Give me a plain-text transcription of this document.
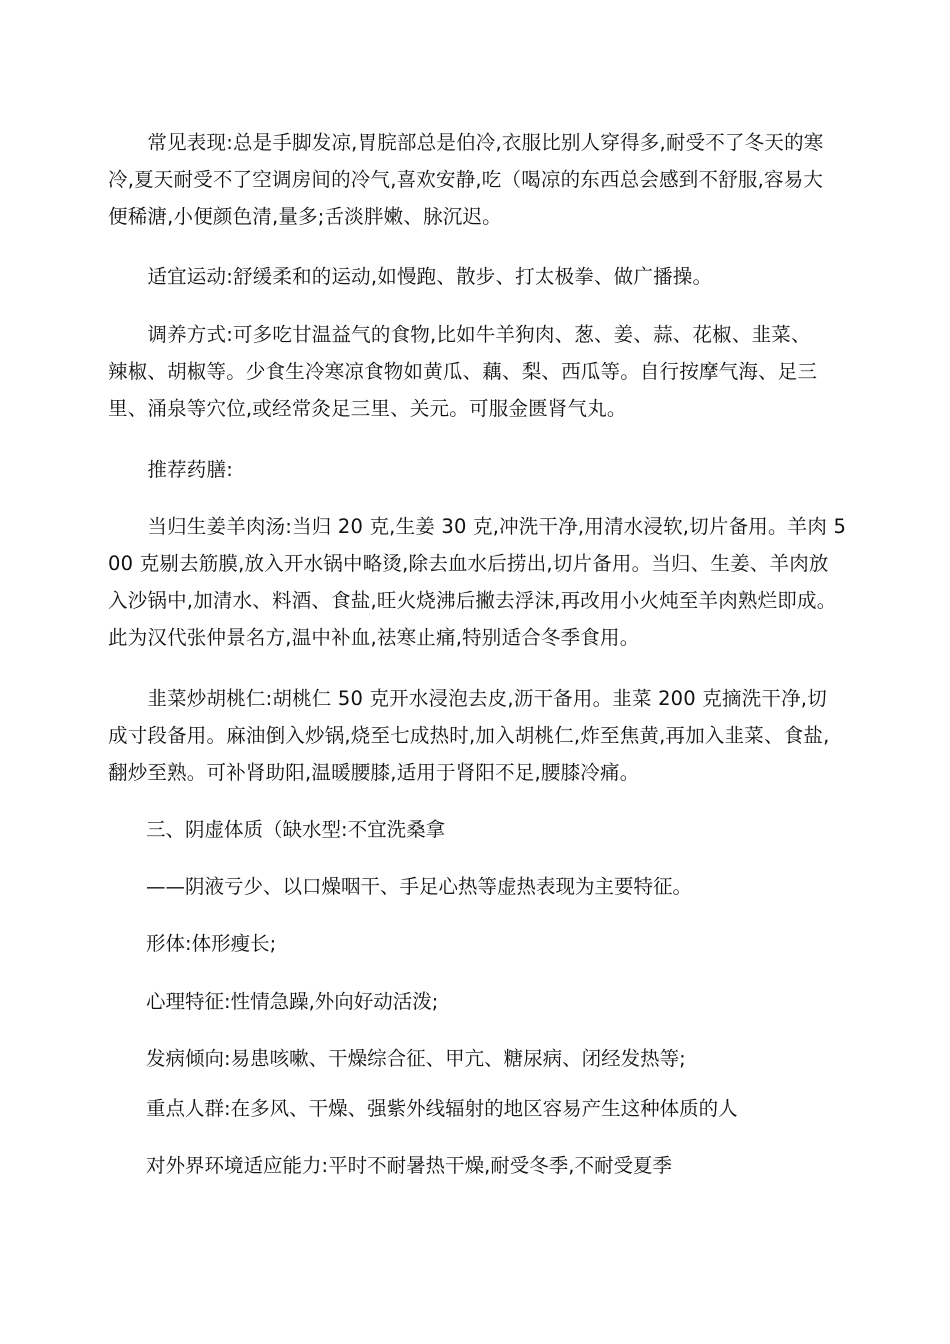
　　常见表现:总是手脚发凉,胃脘部总是伯冷,衣服比别人穿得多,耐受不了冬天的寒
冷,夏天耐受不了空调房间的冷气,喜欢安静,吃（喝凉的东西总会感到不舒服,容易大
便稀溏,小便颜色清,量多;舌淡胖嫩、脉沉迟。
　　适宜运动:舒缓柔和的运动,如慢跑、散步、打太极拳、做广播操。
　　调养方式:可多吃甘温益气的食物,比如牛羊狗肉、葱、姜、蒜、花椒、韭菜、
辣椒、胡椒等。少食生冷寒凉食物如黄瓜、藕、梨、西瓜等。自行按摩气海、足三
里、涌泉等穴位,或经常灸足三里、关元。可服金匮肾气丸。
　　推荐药膳:
　　当归生姜羊肉汤:当归 20 克,生姜 30 克,冲洗干净,用清水浸软,切片备用。羊肉 5
00 克剔去筋膜,放入开水锅中略烫,除去血水后捞出,切片备用。当归、生姜、羊肉放
入沙锅中,加清水、料酒、食盐,旺火烧沸后撇去浮沫,再改用小火炖至羊肉熟烂即成。
此为汉代张仲景名方,温中补血,祛寒止痛,特别适合冬季食用。
　　韭菜炒胡桃仁:胡桃仁 50 克开水浸泡去皮,沥干备用。韭菜 200 克摘洗干净,切
成寸段备用。麻油倒入炒锅,烧至七成热时,加入胡桃仁,炸至焦黄,再加入韭菜、食盐,
翻炒至熟。可补肾助阳,温暖腰膝,适用于肾阳不足,腰膝冷痛。

三、阴虚体质（缺水型:不宜洗桑拿

——阴液亏少、以口燥咽干、手足心热等虚热表现为主要特征。

形体:体形瘦长;

心理特征:性情急躁,外向好动活泼;

发病倾向:易患咳嗽、干燥综合征、甲亢、糖尿病、闭经发热等;

重点人群:在多风、干燥、强紫外线辐射的地区容易产生这种体质的人

对外界环境适应能力:平时不耐暑热干燥,耐受冬季,不耐受夏季
